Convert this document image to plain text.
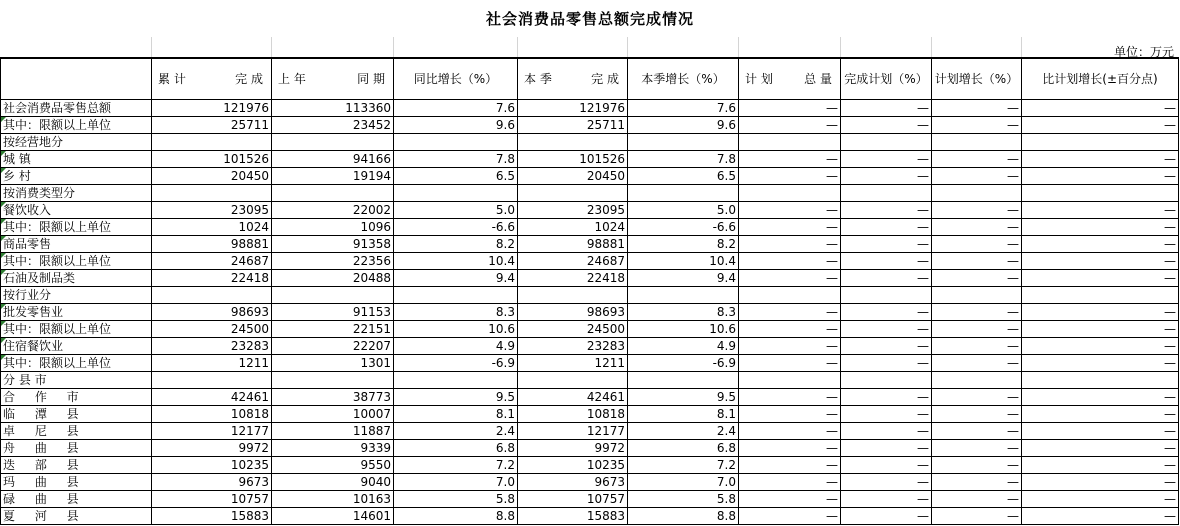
社会消费品零售总额完成情况
单位：万元

	累 计 完 成	上 年 同 期	同比增长（%）	本 季 完 成	本季增长（%）	计 划 总 量	完成计划（%）	计划增长（%）	比计划增长(±百分点)
社会消费品零售总额	121976	113360	7.6	121976	7.6	—	—	—	—
其中：限额以上单位	25711	23452	9.6	25711	9.6	—	—	—	—
按经营地分									
城 镇	101526	94166	7.8	101526	7.8	—	—	—	—
乡 村	20450	19194	6.5	20450	6.5	—	—	—	—
按消费类型分									
餐饮收入	23095	22002	5.0	23095	5.0	—	—	—	—
其中：限额以上单位	1024	1096	-6.6	1024	-6.6	—	—	—	—
商品零售	98881	91358	8.2	98881	8.2	—	—	—	—
其中：限额以上单位	24687	22356	10.4	24687	10.4	—	—	—	—
石油及制品类	22418	20488	9.4	22418	9.4	—	—	—	—
按行业分									
批发零售业	98693	91153	8.3	98693	8.3	—	—	—	—
其中：限额以上单位	24500	22151	10.6	24500	10.6	—	—	—	—
住宿餐饮业	23283	22207	4.9	23283	4.9	—	—	—	—
其中：限额以上单位	1211	1301	-6.9	1211	-6.9	—	—	—	—
分 县 市									
合 作 市	42461	38773	9.5	42461	9.5	—	—	—	—
临 潭 县	10818	10007	8.1	10818	8.1	—	—	—	—
卓 尼 县	12177	11887	2.4	12177	2.4	—	—	—	—
舟 曲 县	9972	9339	6.8	9972	6.8	—	—	—	—
迭 部 县	10235	9550	7.2	10235	7.2	—	—	—	—
玛 曲 县	9673	9040	7.0	9673	7.0	—	—	—	—
碌 曲 县	10757	10163	5.8	10757	5.8	—	—	—	—
夏 河 县	15883	14601	8.8	15883	8.8	—	—	—	—
